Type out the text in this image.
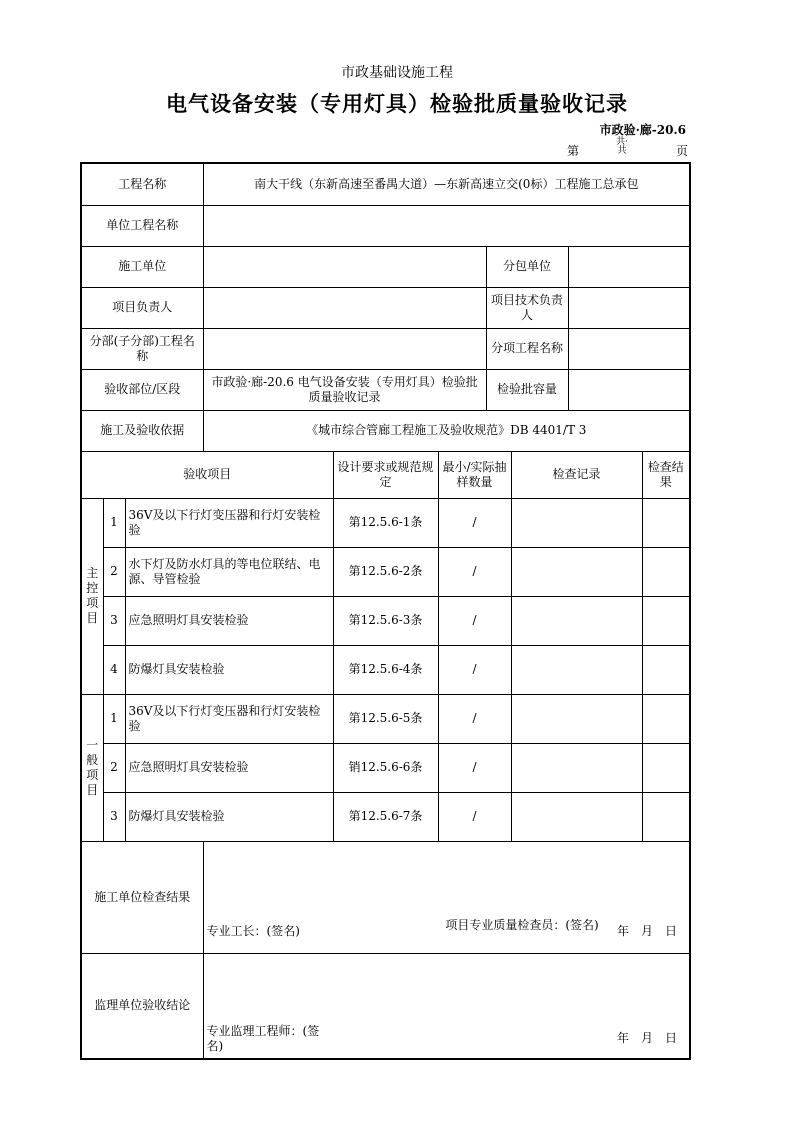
市政基础设施工程
电气设备安装（专用灯具）检验批质量验收记录
市政验·廊-20.6
第
共·
共	页
工程名称			南大干线（东新高速至番禺大道）—东新高速立交(0标）工程施工总承包						
单位工程名称									
施工单位						分包单位			
项目负责人						项目技术负责人			
分部(子分部)工程名称						分项工程名称			
验收部位/区段			市政验·廊-20.6 电气设备安装（专用灯具）检验批质量验收记录			检验批容量			
施工及验收依据			《城市综合管廊工程施工及验收规范》DB 4401/T 3						
验收项目				设计要求或规范规定	最小/实际抽样数量		检查记录		检查结果
主控项目	1	36V及以下行灯变压器和行灯安装检验		第12.5.6-1条	/				
	2	水下灯及防水灯具的等电位联结、电源、导管检验		第12.5.6-2条	/				
	3	应急照明灯具安装检验		第12.5.6-3条	/				
	4	防爆灯具安装检验		第12.5.6-4条	/				
一般项目	1	36V及以下行灯变压器和行灯安装检验		第12.5.6-5条	/				
	2	应急照明灯具安装检验		销12.5.6-6条	/				
	3	防爆灯具安装检验		第12.5.6-7条	/				
施工单位检查结果			专业工长：(签名) 项目专业质量检查员：(签名) 年　月　日						

监理单位验收结论			专业监理工程师：(签名)
年　月　日						
